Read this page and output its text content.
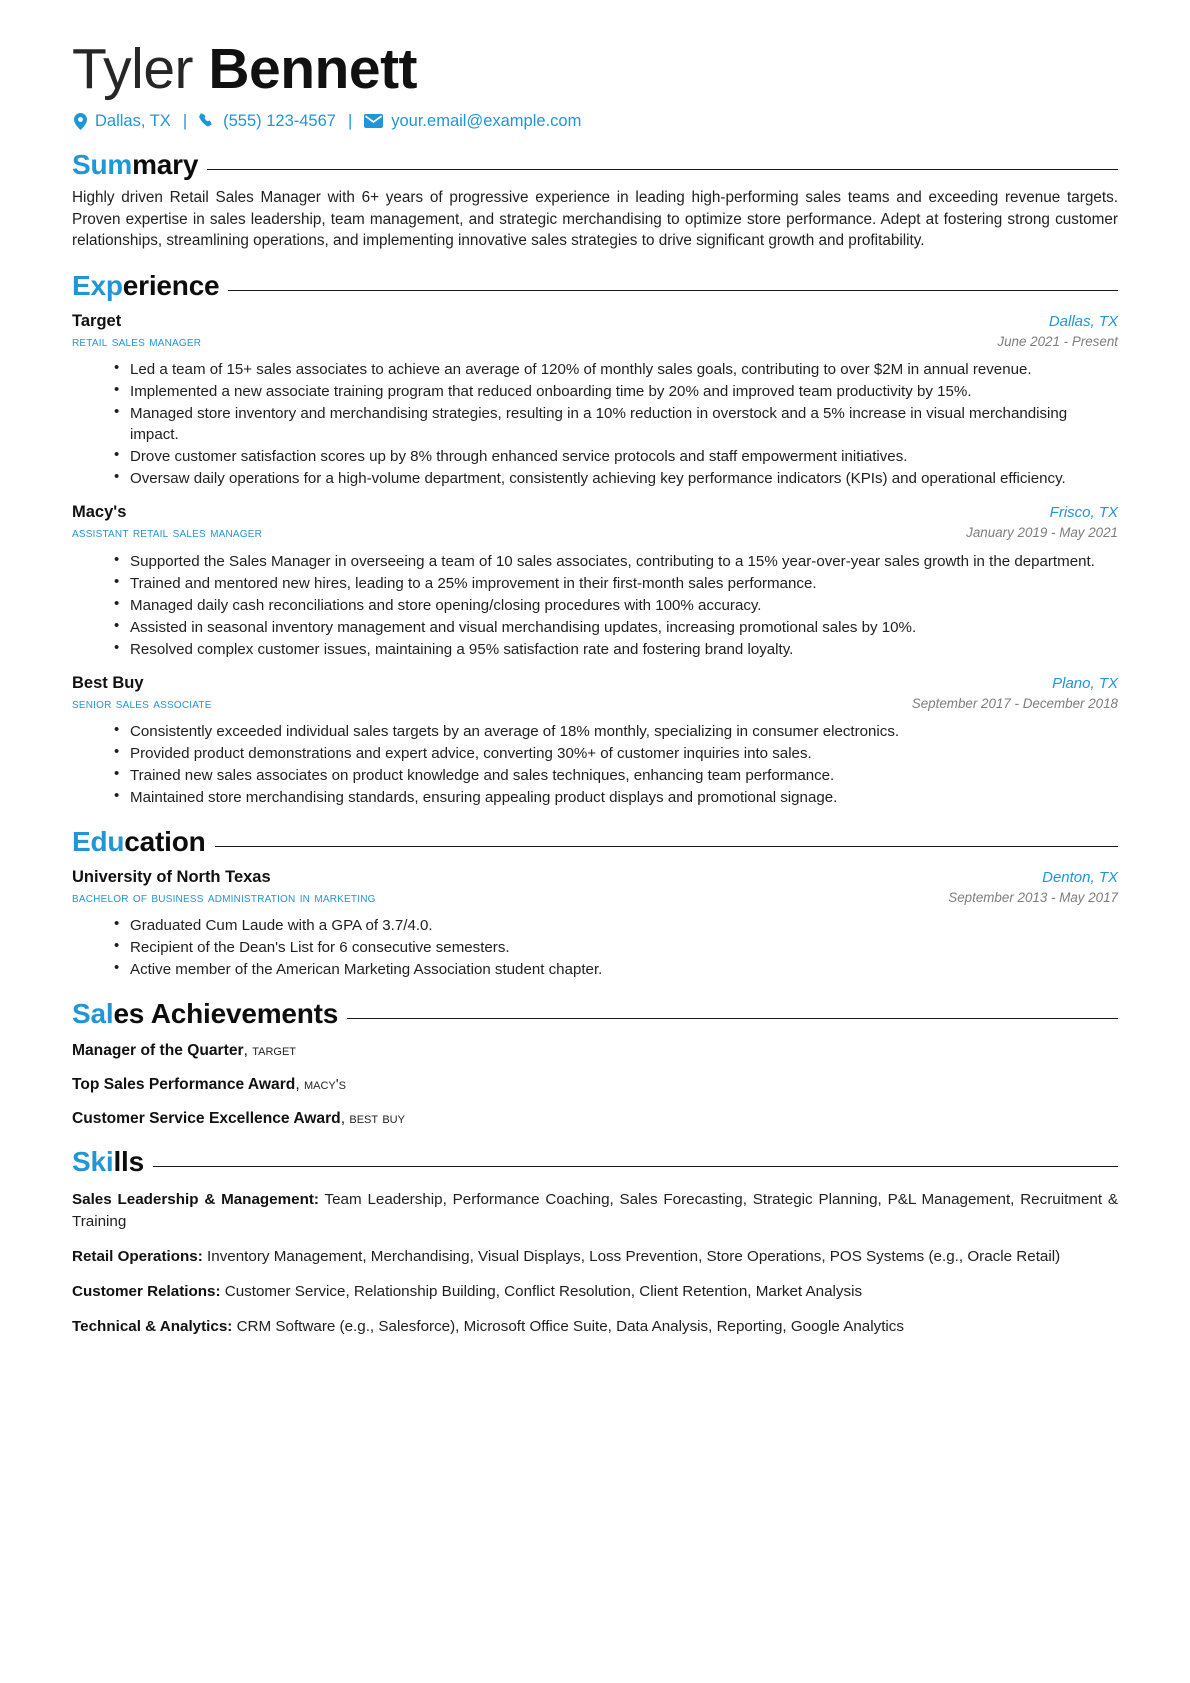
Tyler Bennett
Dallas, TX |	(555) 123-4567 |	your.email@example.com
Summary

Highly driven Retail Sales Manager with 6+ years of progressive experience in leading high-performing sales teams and exceeding revenue targets. Proven expertise in sales leadership, team management, and strategic merchandising to optimize store performance. Adept at fostering strong customer relationships, streamlining operations, and implementing innovative sales strategies to drive significant growth and profitability.

Experience
Target	Dallas, TX
retail sales manager	June 2021 - Present
• Led a team of 15+ sales associates to achieve an average of 120% of monthly sales goals, contributing to over $2M in annual revenue.
• Implemented a new associate training program that reduced onboarding time by 20% and improved team productivity by 15%.
• Managed store inventory and merchandising strategies, resulting in a 10% reduction in overstock and a 5% increase in visual merchandising impact.
• Drove customer satisfaction scores up by 8% through enhanced service protocols and staff empowerment initiatives.
• Oversaw daily operations for a high-volume department, consistently achieving key performance indicators (KPIs) and operational efficiency.
Macy's	Frisco, TX
assistant retail sales manager	January 2019 - May 2021
• Supported the Sales Manager in overseeing a team of 10 sales associates, contributing to a 15% year-over-year sales growth in the department.
• Trained and mentored new hires, leading to a 25% improvement in their first-month sales performance.
• Managed daily cash reconciliations and store opening/closing procedures with 100% accuracy.
• Assisted in seasonal inventory management and visual merchandising updates, increasing promotional sales by 10%.
• Resolved complex customer issues, maintaining a 95% satisfaction rate and fostering brand loyalty.
Best Buy	Plano, TX
senior sales associate	September 2017 - December 2018
• Consistently exceeded individual sales targets by an average of 18% monthly, specializing in consumer electronics.
• Provided product demonstrations and expert advice, converting 30%+ of customer inquiries into sales.
• Trained new sales associates on product knowledge and sales techniques, enhancing team performance.
• Maintained store merchandising standards, ensuring appealing product displays and promotional signage.
Education
University of North Texas	Denton, TX
bachelor of business administration in marketing	September 2013 - May 2017
• Graduated Cum Laude with a GPA of 3.7/4.0.
• Recipient of the Dean's List for 6 consecutive semesters.
• Active member of the American Marketing Association student chapter.
Sales Achievements
Manager of the Quarter, target
Top Sales Performance Award, macy's
Customer Service Excellence Award, best buy
Skills
Sales Leadership & Management: Team Leadership, Performance Coaching, Sales Forecasting, Strategic Planning, P&L Management, Recruitment & Training
Retail Operations: Inventory Management, Merchandising, Visual Displays, Loss Prevention, Store Operations, POS Systems (e.g., Oracle Retail)
Customer Relations: Customer Service, Relationship Building, Conflict Resolution, Client Retention, Market Analysis
Technical & Analytics: CRM Software (e.g., Salesforce), Microsoft Office Suite, Data Analysis, Reporting, Google Analytics
